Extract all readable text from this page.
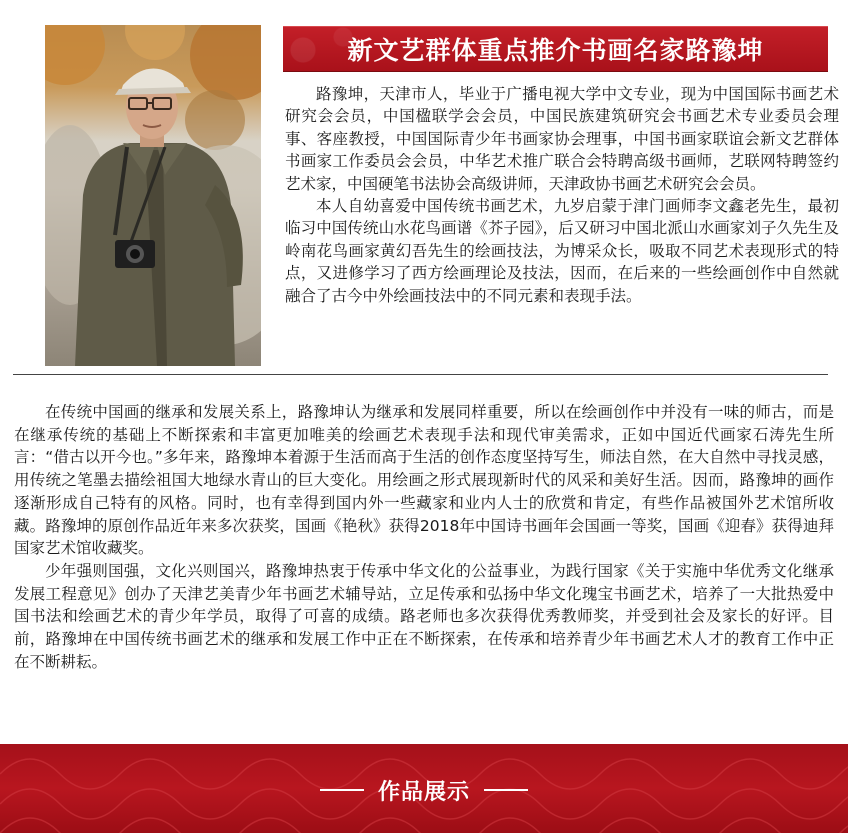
新文艺群体重点推介书画名家路豫坤

路豫坤，天津市人，毕业于广播电视大学中文专业，现为中国国际书画艺术研究会会员，中国楹联学会会员，中国民族建筑研究会书画艺术专业委员会理事、客座教授，中国国际青少年书画家协会理事，中国书画家联谊会新文艺群体书画家工作委员会会员，中华艺术推广联合会特聘高级书画师，艺联网特聘签约艺术家，中国硬笔书法协会高级讲师，天津政协书画艺术研究会会员。

本人自幼喜爱中国传统书画艺术，九岁启蒙于津门画师李文鑫老先生，最初临习中国传统山水花鸟画谱《芥子园》，后又研习中国北派山水画家刘子久先生及岭南花鸟画家黄幻吾先生的绘画技法，为博采众长，吸取不同艺术表现形式的特点，又进修学习了西方绘画理论及技法，因而，在后来的一些绘画创作中自然就融合了古今中外绘画技法中的不同元素和表现手法。

在传统中国画的继承和发展关系上，路豫坤认为继承和发展同样重要，所以在绘画创作中并没有一味的师古，而是在继承传统的基础上不断探索和丰富更加唯美的绘画艺术表现手法和现代审美需求，正如中国近代画家石涛先生所言：“借古以开今也。”多年来，路豫坤本着源于生活而高于生活的创作态度坚持写生，师法自然，在大自然中寻找灵感，用传统之笔墨去描绘祖国大地绿水青山的巨大变化。用绘画之形式展现新时代的风采和美好生活。因而，路豫坤的画作逐渐形成自己特有的风格。同时，也有幸得到国内外一些藏家和业内人士的欣赏和肯定，有些作品被国外艺术馆所收藏。路豫坤的原创作品近年来多次获奖，国画《艳秋》获得2018年中国诗书画年会国画一等奖，国画《迎春》获得迪拜国家艺术馆收藏奖。

少年强则国强，文化兴则国兴，路豫坤热衷于传承中华文化的公益事业，为践行国家《关于实施中华优秀文化继承发展工程意见》创办了天津艺美青少年书画艺术辅导站，立足传承和弘扬中华文化瑰宝书画艺术，培养了一大批热爱中国书法和绘画艺术的青少年学员，取得了可喜的成绩。路老师也多次获得优秀教师奖，并受到社会及家长的好评。目前，路豫坤在中国传统书画艺术的继承和发展工作中正在不断探索，在传承和培养青少年书画艺术人才的教育工作中正在不断耕耘。

作品展示
